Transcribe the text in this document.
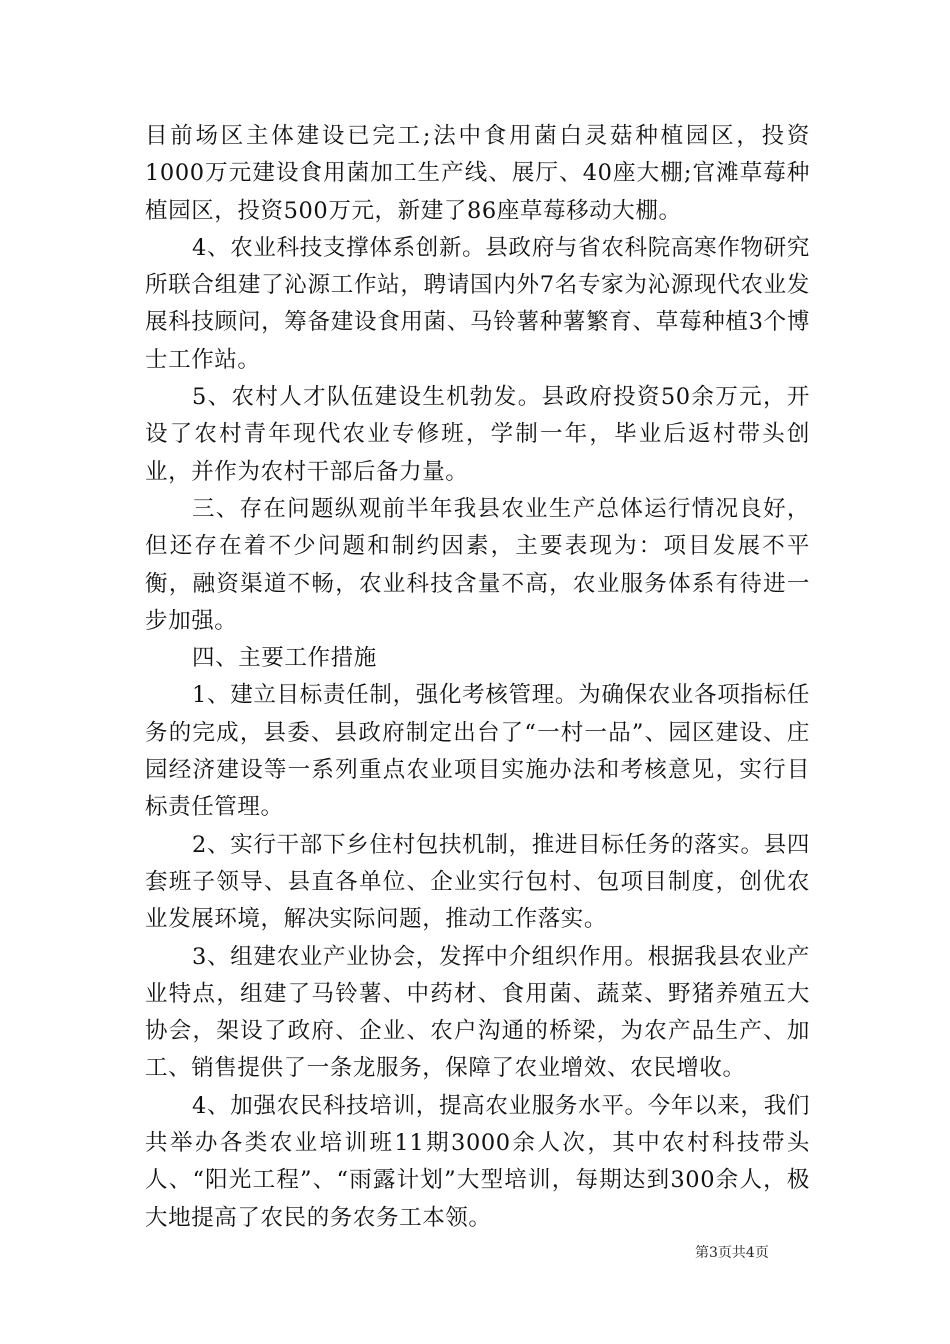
目前场区主体建设已完工;法中食用菌白灵菇种植园区，投资1000万元建设食用菌加工生产线、展厅、40座大棚;官滩草莓种植园区，投资500万元，新建了86座草莓移动大棚。

4、农业科技支撑体系创新。县政府与省农科院高寒作物研究所联合组建了沁源工作站，聘请国内外7名专家为沁源现代农业发展科技顾问，筹备建设食用菌、马铃薯种薯繁育、草莓种植3个博士工作站。

5、农村人才队伍建设生机勃发。县政府投资50余万元，开设了农村青年现代农业专修班，学制一年，毕业后返村带头创业，并作为农村干部后备力量。

三、存在问题纵观前半年我县农业生产总体运行情况良好，但还存在着不少问题和制约因素，主要表现为：项目发展不平衡，融资渠道不畅，农业科技含量不高，农业服务体系有待进一步加强。

四、主要工作措施

1、建立目标责任制，强化考核管理。为确保农业各项指标任务的完成，县委、县政府制定出台了“一村一品”、园区建设、庄园经济建设等一系列重点农业项目实施办法和考核意见，实行目标责任管理。

2、实行干部下乡住村包扶机制，推进目标任务的落实。县四套班子领导、县直各单位、企业实行包村、包项目制度，创优农业发展环境，解决实际问题，推动工作落实。

3、组建农业产业协会，发挥中介组织作用。根据我县农业产业特点，组建了马铃薯、中药材、食用菌、蔬菜、野猪养殖五大协会，架设了政府、企业、农户沟通的桥梁，为农产品生产、加工、销售提供了一条龙服务，保障了农业增效、农民增收。

4、加强农民科技培训，提高农业服务水平。今年以来，我们共举办各类农业培训班11期3000余人次，其中农村科技带头人、“阳光工程”、“雨露计划”大型培训，每期达到300余人，极大地提高了农民的务农务工本领。

第3页共4页
